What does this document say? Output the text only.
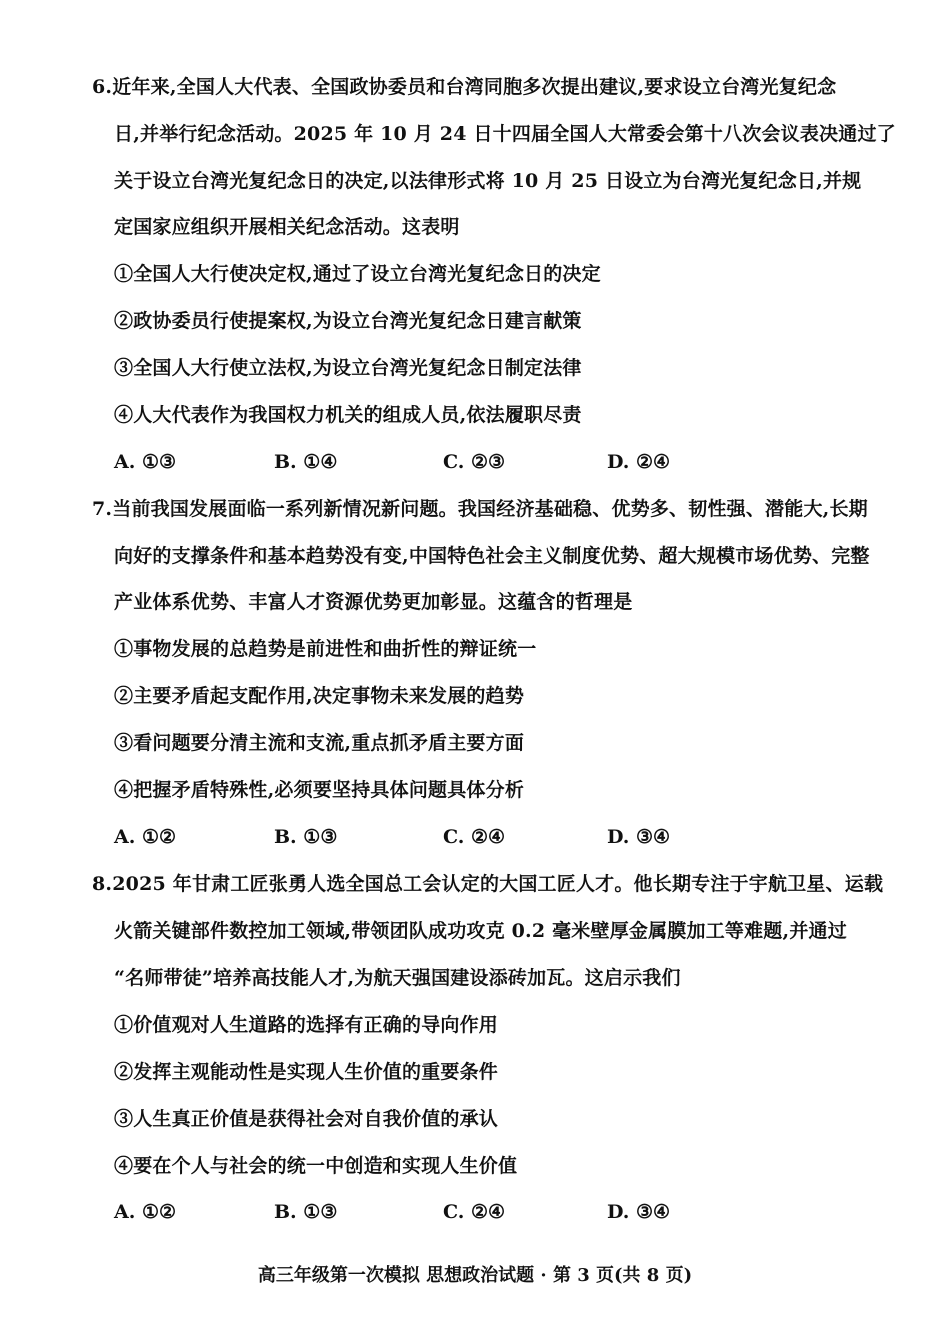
6.近年来,全国人大代表、全国政协委员和台湾同胞多次提出建议,要求设立台湾光复纪念
日,并举行纪念活动。2025 年 10 月 24 日十四届全国人大常委会第十八次会议表决通过了
关于设立台湾光复纪念日的决定,以法律形式将 10 月 25 日设立为台湾光复纪念日,并规
定国家应组织开展相关纪念活动。这表明
①全国人大行使决定权,通过了设立台湾光复纪念日的决定
②政协委员行使提案权,为设立台湾光复纪念日建言献策
③全国人大行使立法权,为设立台湾光复纪念日制定法律
④人大代表作为我国权力机关的组成人员,依法履职尽责
A. ①③	B. ①④	C. ②③	D. ②④
7.当前我国发展面临一系列新情况新问题。我国经济基础稳、优势多、韧性强、潜能大,长期
向好的支撑条件和基本趋势没有变,中国特色社会主义制度优势、超大规模市场优势、完整
产业体系优势、丰富人才资源优势更加彰显。这蕴含的哲理是
①事物发展的总趋势是前进性和曲折性的辩证统一
②主要矛盾起支配作用,决定事物未来发展的趋势
③看问题要分清主流和支流,重点抓矛盾主要方面
④把握矛盾特殊性,必须要坚持具体问题具体分析
A. ①②	B. ①③	C. ②④	D. ③④
8.2025 年甘肃工匠张勇人选全国总工会认定的大国工匠人才。他长期专注于宇航卫星、运载
火箭关键部件数控加工领域,带领团队成功攻克 0.2 毫米壁厚金属膜加工等难题,并通过
“名师带徒”培养高技能人才,为航天强国建设添砖加瓦。这启示我们
①价值观对人生道路的选择有正确的导向作用
②发挥主观能动性是实现人生价值的重要条件
③人生真正价值是获得社会对自我价值的承认
④要在个人与社会的统一中创造和实现人生价值
A. ①②	B. ①③	C. ②④	D. ③④
高三年级第一次模拟 思想政治试题 · 第 3 页(共 8 页)
